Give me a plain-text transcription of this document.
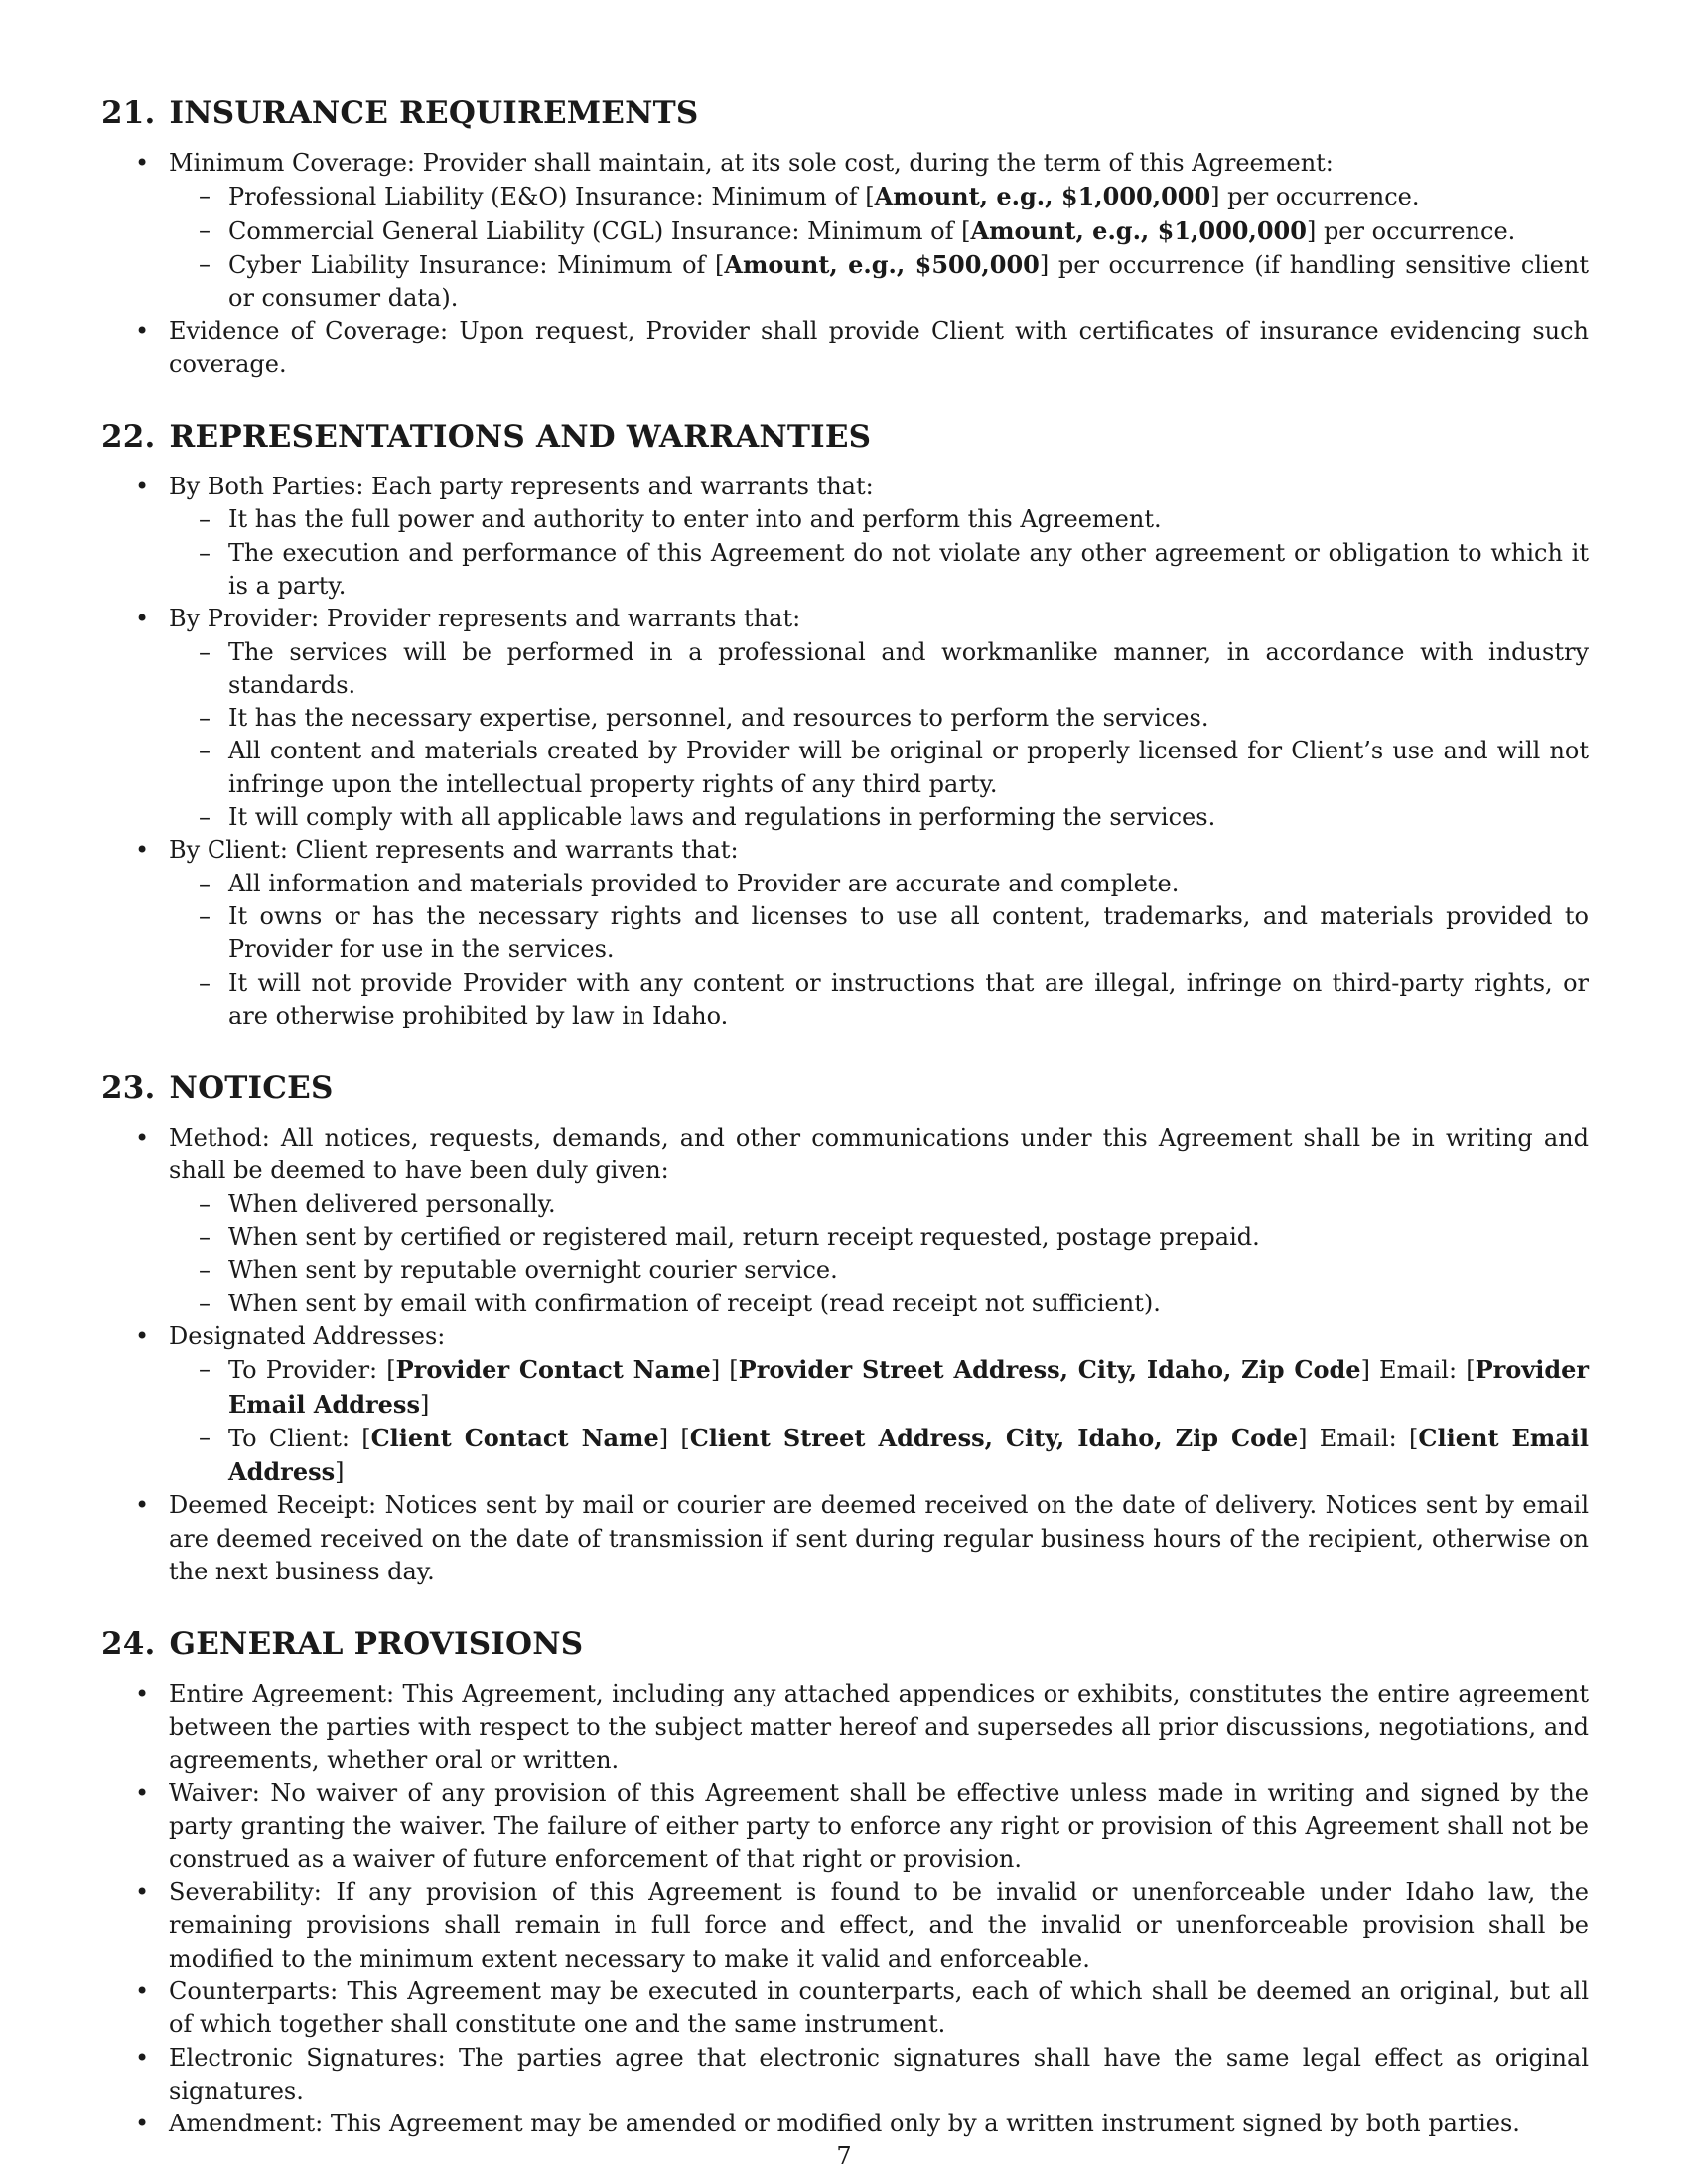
21. INSURANCE REQUIREMENTS
• Minimum Coverage: Provider shall maintain, at its sole cost, during the term of this Agreement:
– Professional Liability (E&O) Insurance: Minimum of [Amount, e.g., $1,000,000] per occurrence.
– Commercial General Liability (CGL) Insurance: Minimum of [Amount, e.g., $1,000,000] per occurrence.
– Cyber Liability Insurance: Minimum of [Amount, e.g., $500,000] per occurrence (if handling sensitive client or consumer data).
• Evidence of Coverage: Upon request, Provider shall provide Client with certificates of insurance evidencing such coverage.
22. REPRESENTATIONS AND WARRANTIES
• By Both Parties: Each party represents and warrants that:
– It has the full power and authority to enter into and perform this Agreement.
– The execution and performance of this Agreement do not violate any other agreement or obligation to which it is a party.
• By Provider: Provider represents and warrants that:
– The services will be performed in a professional and workmanlike manner, in accordance with industry standards.
– It has the necessary expertise, personnel, and resources to perform the services.
– All content and materials created by Provider will be original or properly licensed for Client’s use and will not infringe upon the intellectual property rights of any third party.
– It will comply with all applicable laws and regulations in performing the services.
• By Client: Client represents and warrants that:
– All information and materials provided to Provider are accurate and complete.
– It owns or has the necessary rights and licenses to use all content, trademarks, and materials provided to Provider for use in the services.
– It will not provide Provider with any content or instructions that are illegal, infringe on third-party rights, or are otherwise prohibited by law in Idaho.
23. NOTICES
• Method: All notices, requests, demands, and other communications under this Agreement shall be in writing and shall be deemed to have been duly given:
– When delivered personally.
– When sent by certified or registered mail, return receipt requested, postage prepaid.
– When sent by reputable overnight courier service.
– When sent by email with confirmation of receipt (read receipt not sufficient).
• Designated Addresses:
– To Provider: [Provider Contact Name] [Provider Street Address, City, Idaho, Zip Code] Email: [Provider Email Address]
– To Client: [Client Contact Name] [Client Street Address, City, Idaho, Zip Code] Email: [Client Email Address]
• Deemed Receipt: Notices sent by mail or courier are deemed received on the date of delivery. Notices sent by email are deemed received on the date of transmission if sent during regular business hours of the recipient, otherwise on the next business day.
24. GENERAL PROVISIONS
• Entire Agreement: This Agreement, including any attached appendices or exhibits, constitutes the entire agreement between the parties with respect to the subject matter hereof and supersedes all prior discussions, negotiations, and agreements, whether oral or written.
• Waiver: No waiver of any provision of this Agreement shall be effective unless made in writing and signed by the party granting the waiver. The failure of either party to enforce any right or provision of this Agreement shall not be construed as a waiver of future enforcement of that right or provision.
• Severability: If any provision of this Agreement is found to be invalid or unenforceable under Idaho law, the remaining provisions shall remain in full force and effect, and the invalid or unenforceable provision shall be modified to the minimum extent necessary to make it valid and enforceable.
• Counterparts: This Agreement may be executed in counterparts, each of which shall be deemed an original, but all of which together shall constitute one and the same instrument.
• Electronic Signatures: The parties agree that electronic signatures shall have the same legal effect as original signatures.
• Amendment: This Agreement may be amended or modified only by a written instrument signed by both parties.
7
